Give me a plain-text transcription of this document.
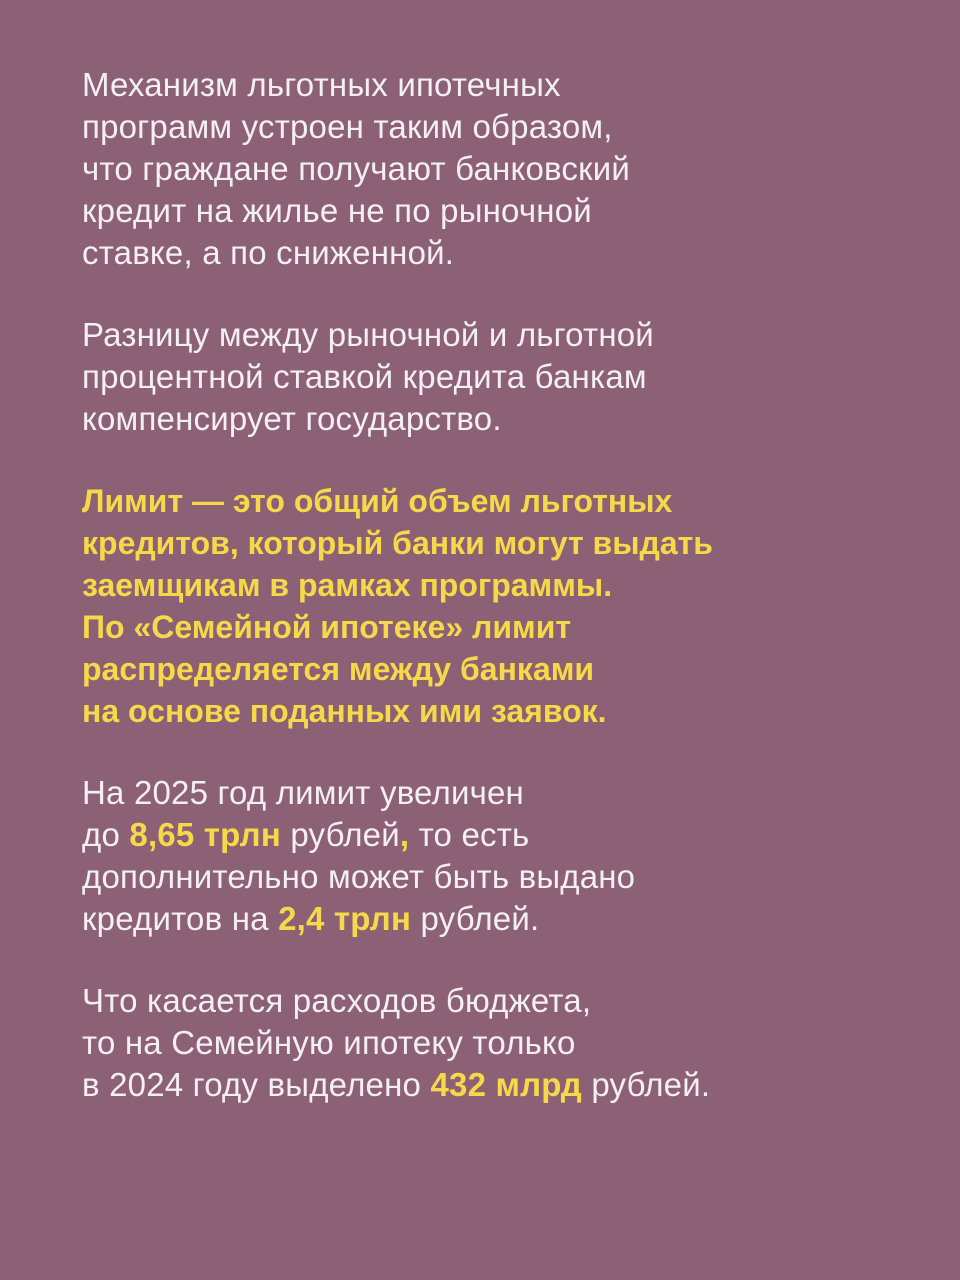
Механизм льготных ипотечных
программ устроен таким образом,
что граждане получают банковский
кредит на жилье не по рыночной
ставке, а по сниженной.

Разницу между рыночной и льготной
процентной ставкой кредита банкам
компенсирует государство.

Лимит — это общий объем льготных
кредитов, который банки могут выдать
заемщикам в рамках программы.
По «Семейной ипотеке» лимит
распределяется между банками
на основе поданных ими заявок.

На 2025 год лимит увеличен
до 8,65 трлн рублей, то есть
дополнительно может быть выдано
кредитов на 2,4 трлн рублей.

Что касается расходов бюджета,
то на Семейную ипотеку только
в 2024 году выделено 432 млрд рублей.
